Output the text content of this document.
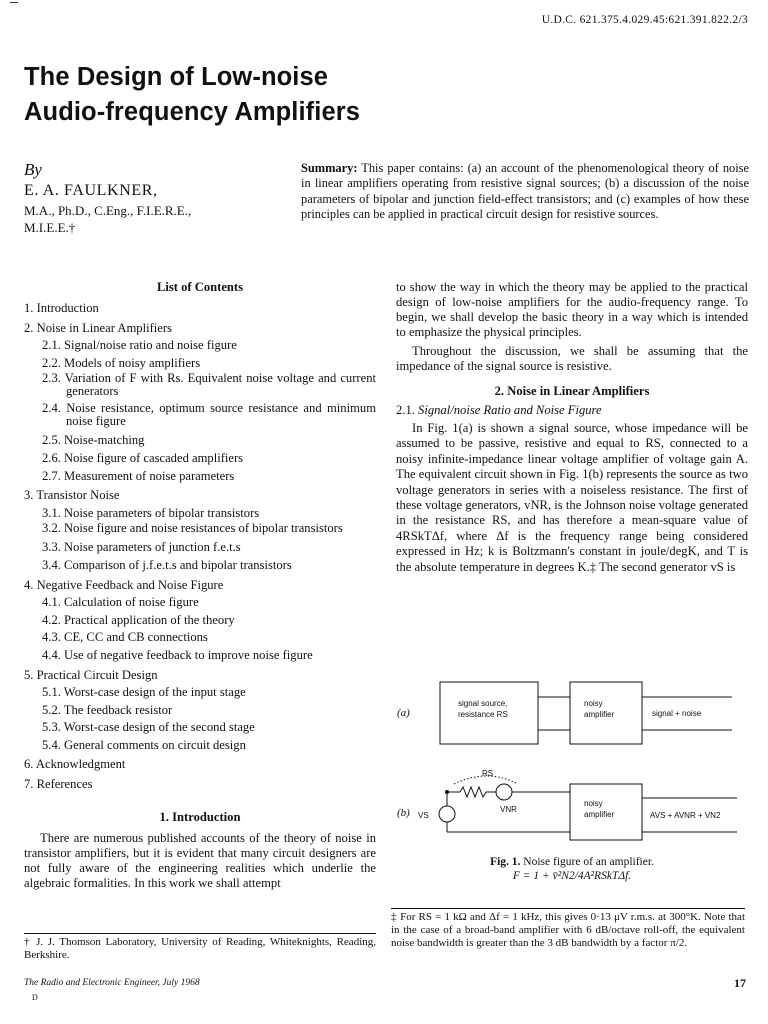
U.D.C. 621.375.4.029.45:621.391.822.2/3
The Design of Low-noise
Audio-frequency Amplifiers
By
E. A. FAULKNER,
M.A., Ph.D., C.Eng., F.I.E.R.E.,
M.I.E.E.†
Summary: This paper contains: (a) an account of the phenomenological theory of noise in linear amplifiers operating from resistive signal sources; (b) a discussion of the noise parameters of bipolar and junction field-effect transistors; and (c) examples of how these principles can be applied in practical circuit design for resistive sources.
List of Contents

1. Introduction

2. Noise in Linear Amplifiers

2.1. Signal/noise ratio and noise figure

2.2. Models of noisy amplifiers

2.3. Variation of F with Rs. Equivalent noise voltage and current generators

2.4. Noise resistance, optimum source resistance and minimum noise figure

2.5. Noise-matching

2.6. Noise figure of cascaded amplifiers

2.7. Measurement of noise parameters

3. Transistor Noise

3.1. Noise parameters of bipolar transistors

3.2. Noise figure and noise resistances of bipolar transistors

3.3. Noise parameters of junction f.e.t.s

3.4. Comparison of j.f.e.t.s and bipolar transistors

4. Negative Feedback and Noise Figure

4.1. Calculation of noise figure

4.2. Practical application of the theory

4.3. CE, CC and CB connections

4.4. Use of negative feedback to improve noise figure

5. Practical Circuit Design

5.1. Worst-case design of the input stage

5.2. The feedback resistor

5.3. Worst-case design of the second stage

5.4. General comments on circuit design

6. Acknowledgment

7. References

1. Introduction

There are numerous published accounts of the theory of noise in transistor amplifiers, but it is evident that many circuit designers are not fully aware of the engineering realities which underlie the algebraic formalities. In this work we shall attempt

† J. J. Thomson Laboratory, University of Reading, Whiteknights, Reading, Berkshire.

to show the way in which the theory may be applied to the practical design of low-noise amplifiers for the audio-frequency range. To begin, we shall develop the basic theory in a way which is intended to emphasize the physical principles.

Throughout the discussion, we shall be assuming that the impedance of the signal source is resistive.

2. Noise in Linear Amplifiers
2.1. Signal/noise Ratio and Noise Figure

In Fig. 1(a) is shown a signal source, whose impedance will be assumed to be passive, resistive and equal to RS, connected to a noisy infinite-impedance linear voltage amplifier of voltage gain A. The equivalent circuit shown in Fig. 1(b) represents the source as two voltage generators in series with a noiseless resistance. The first of these voltage generators, vNR, is the Johnson noise voltage generated in the resistance RS, and has therefore a mean-square value of 4RSkTΔf, where Δf is the frequency range being considered expressed in Hz; k is Boltzmann's constant in joule/degK, and T is the absolute temperature in degrees K.‡ The second generator vS is

(a)
signal source,
resistance RS
noisy
amplifier	signal + noise
(b)
RS
VNR
VS
noisy
amplifier	AVS + AVNR + VN2
Fig. 1. Noise figure of an amplifier.
F = 1 + v̄²N2/4A²RSkTΔf.
‡ For RS = 1 kΩ and Δf = 1 kHz, this gives 0·13 μV r.m.s. at 300°K. Note that in the case of a broad-band amplifier with 6 dB/octave roll-off, the equivalent noise bandwidth is greater than the 3 dB bandwidth by a factor π/2.
The Radio and Electronic Engineer, July 1968
D
17
